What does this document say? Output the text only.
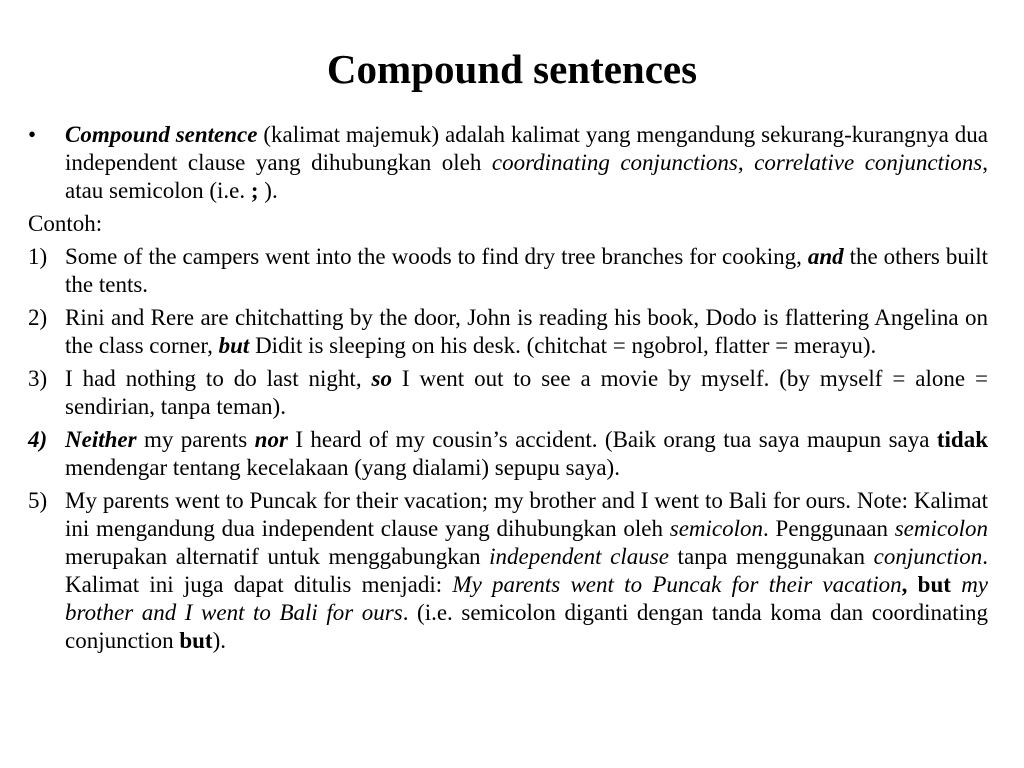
Compound sentences
•	Compound sentence (kalimat majemuk) adalah kalimat yang mengandung sekurang-kurangnya dua independent clause yang dihubungkan oleh coordinating conjunctions, correlative conjunctions, atau semicolon (i.e. ; ).
Contoh:
1) Some of the campers went into the woods to find dry tree branches for cooking, and the others built the tents.
2) Rini and Rere are chitchatting by the door, John is reading his book, Dodo is flattering Angelina on the class corner, but Didit is sleeping on his desk. (chitchat = ngobrol, flatter = merayu).
3) I had nothing to do last night, so I went out to see a movie by myself. (by myself = alone = sendirian, tanpa teman).
4) Neither my parents nor I heard of my cousin’s accident. (Baik orang tua saya maupun saya tidak mendengar tentang kecelakaan (yang dialami) sepupu saya).
5) My parents went to Puncak for their vacation; my brother and I went to Bali for ours. Note: Kalimat ini mengandung dua independent clause yang dihubungkan oleh semicolon. Penggunaan semicolon merupakan alternatif untuk menggabungkan independent clause tanpa menggunakan conjunction. Kalimat ini juga dapat ditulis menjadi: My parents went to Puncak for their vacation, but my brother and I went to Bali for ours. (i.e. semicolon diganti dengan tanda koma dan coordinating conjunction but).
